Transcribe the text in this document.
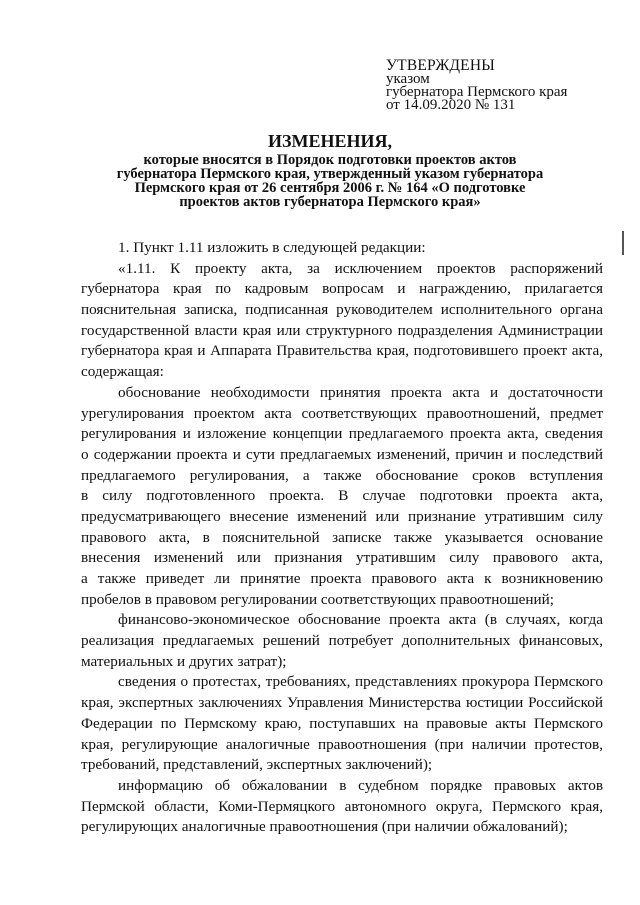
УТВЕРЖДЕНЫ
указом
губернатора Пермского края
от 14.09.2020 № 131
ИЗМЕНЕНИЯ,
которые вносятся в Порядок подготовки проектов актов
губернатора Пермского края, утвержденный указом губернатора
Пермского края от 26 сентября 2006 г. № 164 «О подготовке
проектов актов губернатора Пермского края»
1. Пункт 1.11 изложить в следующей редакции:
«1.11. К проекту акта, за исключением проектов распоряжений
губернатора края по кадровым вопросам и награждению, прилагается
пояснительная записка, подписанная руководителем исполнительного органа
государственной власти края или структурного подразделения Администрации
губернатора края и Аппарата Правительства края, подготовившего проект акта,
содержащая:
обоснование необходимости принятия проекта акта и достаточности
урегулирования проектом акта соответствующих правоотношений, предмет
регулирования и изложение концепции предлагаемого проекта акта, сведения
о содержании проекта и сути предлагаемых изменений, причин и последствий
предлагаемого регулирования, а также обоснование сроков вступления
в силу подготовленного проекта. В случае подготовки проекта акта,
предусматривающего внесение изменений или признание утратившим силу
правового акта, в пояснительной записке также указывается основание
внесения изменений или признания утратившим силу правового акта,
а также приведет ли принятие проекта правового акта к возникновению
пробелов в правовом регулировании соответствующих правоотношений;
финансово-экономическое обоснование проекта акта (в случаях, когда
реализация предлагаемых решений потребует дополнительных финансовых,
материальных и других затрат);
сведения о протестах, требованиях, представлениях прокурора Пермского
края, экспертных заключениях Управления Министерства юстиции Российской
Федерации по Пермскому краю, поступавших на правовые акты Пермского
края, регулирующие аналогичные правоотношения (при наличии протестов,
требований, представлений, экспертных заключений);
информацию об обжаловании в судебном порядке правовых актов
Пермской области, Коми-Пермяцкого автономного округа, Пермского края,
регулирующих аналогичные правоотношения (при наличии обжалований);
